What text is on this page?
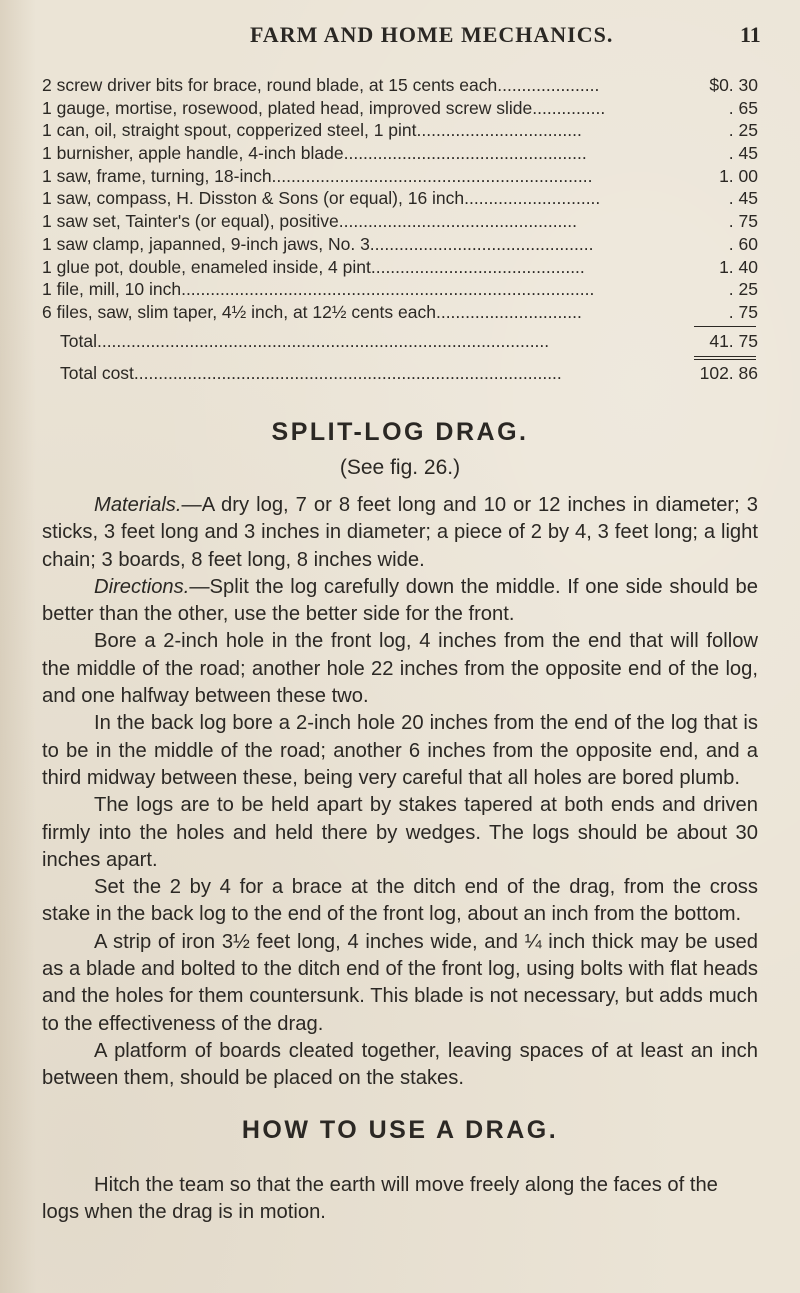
FARM AND HOME MECHANICS.	11
2 screw driver bits for brace, round blade, at 15 cents each.....................	$0. 30
1 gauge, mortise, rosewood, plated head, improved screw slide...............	. 65
1 can, oil, straight spout, copperized steel, 1 pint..................................	. 25
1 burnisher, apple handle, 4-inch blade..................................................	. 45
1 saw, frame, turning, 18-inch..................................................................	1. 00
1 saw, compass, H. Disston & Sons (or equal), 16 inch............................	. 45
1 saw set, Tainter's (or equal), positive.................................................	. 75
1 saw clamp, japanned, 9-inch jaws, No. 3..............................................	. 60
1 glue pot, double, enameled inside, 4 pint............................................	1. 40
1 file, mill, 10 inch.....................................................................................	. 25
6 files, saw, slim taper, 4½ inch, at 12½ cents each..............................	. 75
Total.............................................................................................	41. 75
Total cost........................................................................................	102. 86
SPLIT-LOG DRAG.
(See fig. 26.)

Materials.—A dry log, 7 or 8 feet long and 10 or 12 inches in diameter; 3 sticks, 3 feet long and 3 inches in diameter; a piece of 2 by 4, 3 feet long; a light chain; 3 boards, 8 feet long, 8 inches wide.

Directions.—Split the log carefully down the middle. If one side should be better than the other, use the better side for the front.

Bore a 2-inch hole in the front log, 4 inches from the end that will follow the middle of the road; another hole 22 inches from the opposite end of the log, and one halfway between these two.

In the back log bore a 2-inch hole 20 inches from the end of the log that is to be in the middle of the road; another 6 inches from the opposite end, and a third midway between these, being very careful that all holes are bored plumb.

The logs are to be held apart by stakes tapered at both ends and driven firmly into the holes and held there by wedges. The logs should be about 30 inches apart.

Set the 2 by 4 for a brace at the ditch end of the drag, from the cross stake in the back log to the end of the front log, about an inch from the bottom.

A strip of iron 3½ feet long, 4 inches wide, and ¼ inch thick may be used as a blade and bolted to the ditch end of the front log, using bolts with flat heads and the holes for them countersunk. This blade is not necessary, but adds much to the effectiveness of the drag.

A platform of boards cleated together, leaving spaces of at least an inch between them, should be placed on the stakes.

HOW TO USE A DRAG.

Hitch the team so that the earth will move freely along the faces of the logs when the drag is in motion.
